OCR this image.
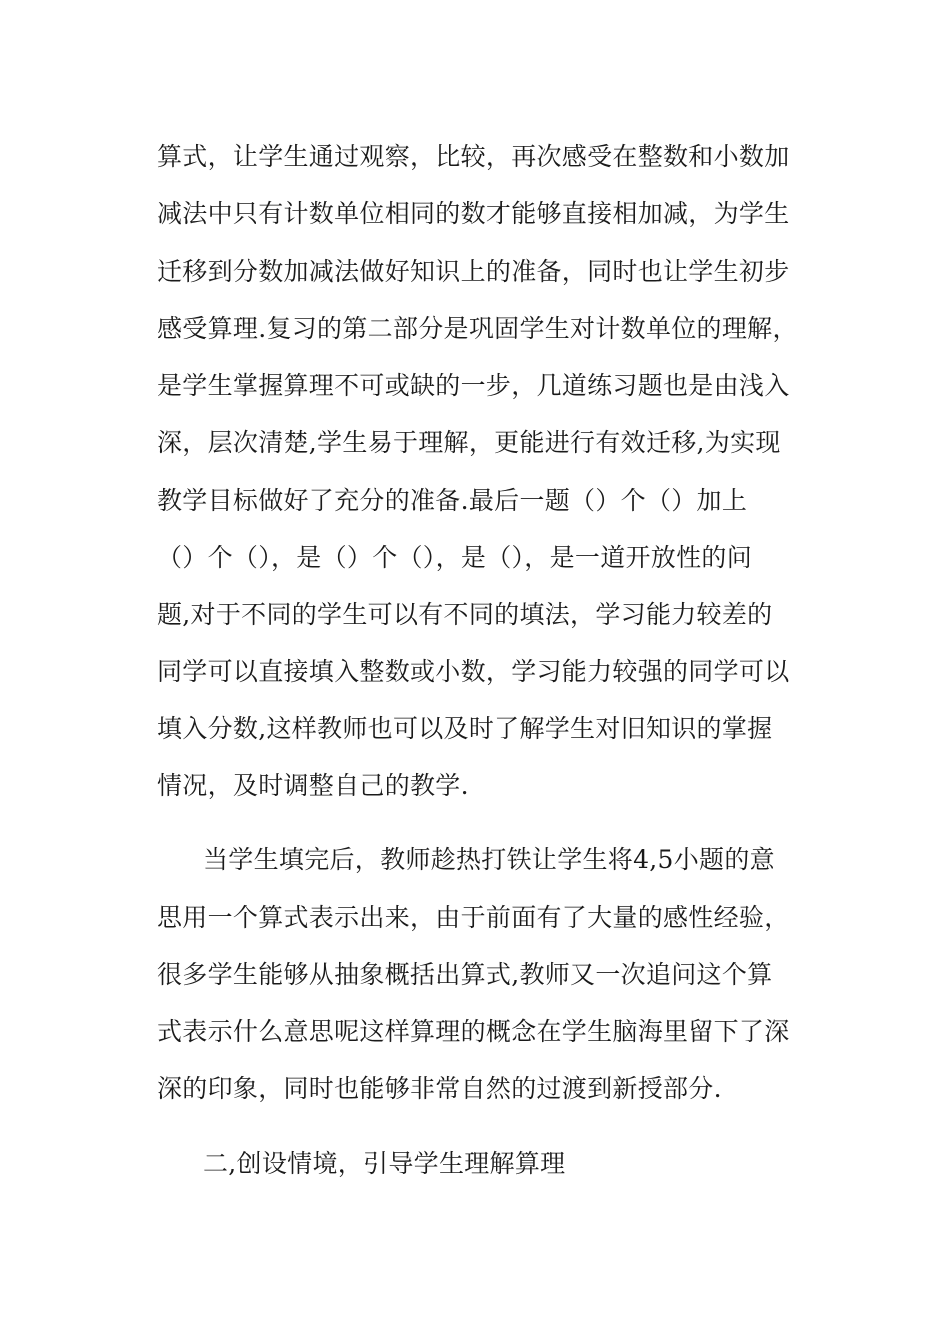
算式，让学生通过观察，比较，再次感受在整数和小数加
减法中只有计数单位相同的数才能够直接相加减，为学生
迁移到分数加减法做好知识上的准备，同时也让学生初步
感受算理.复习的第二部分是巩固学生对计数单位的理解，
是学生掌握算理不可或缺的一步，几道练习题也是由浅入
深，层次清楚,学生易于理解，更能进行有效迁移,为实现
教学目标做好了充分的准备.最后一题（）个（）加上
（）个（），是（）个（），是（），是一道开放性的问
题,对于不同的学生可以有不同的填法，学习能力较差的
同学可以直接填入整数或小数，学习能力较强的同学可以
填入分数,这样教师也可以及时了解学生对旧知识的掌握
情况，及时调整自己的教学.
当学生填完后，教师趁热打铁让学生将4,5小题的意
思用一个算式表示出来，由于前面有了大量的感性经验，
很多学生能够从抽象概括出算式,教师又一次追问这个算
式表示什么意思呢这样算理的概念在学生脑海里留下了深
深的印象，同时也能够非常自然的过渡到新授部分.
二,创设情境，引导学生理解算理
